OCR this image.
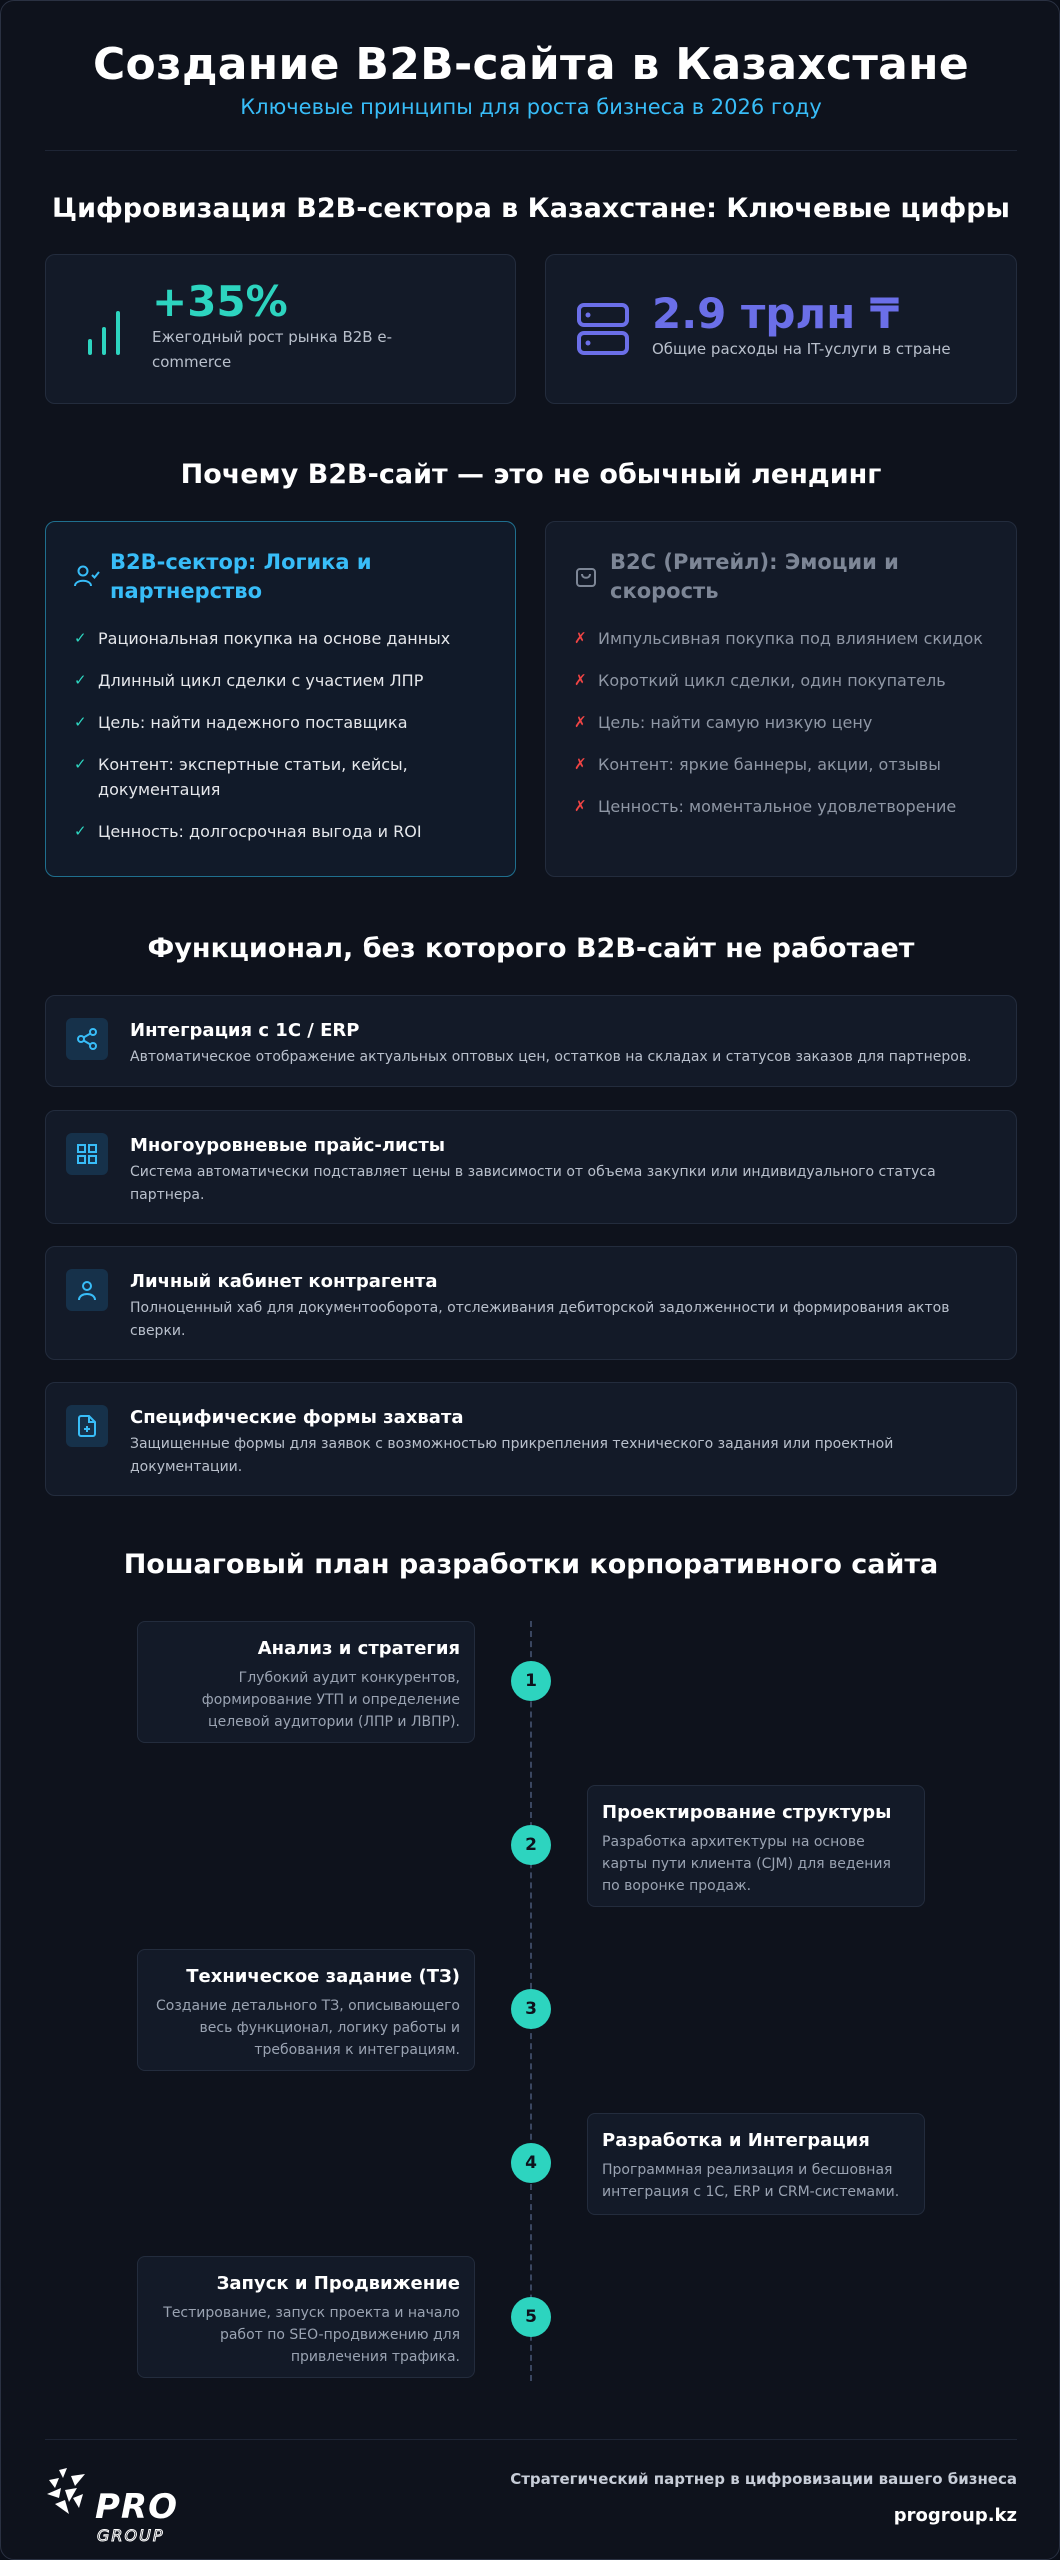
Создание B2B-сайта в Казахстане
Ключевые принципы для роста бизнеса в 2026 году
Цифровизация B2B-сектора в Казахстане: Ключевые цифры
+35%
Ежегодный рост рынка B2B e-commerce
2.9 трлн ₸
Общие расходы на IT-услуги в стране
Почему B2B-сайт — это не обычный лендинг
B2B-сектор: Логика и партнерство
✓ Рациональная покупка на основе данных
✓ Длинный цикл сделки с участием ЛПР
✓ Цель: найти надежного поставщика
✓ Контент: экспертные статьи, кейсы, документация
✓ Ценность: долгосрочная выгода и ROI
B2C (Ритейл): Эмоции и скорость
✗ Импульсивная покупка под влиянием скидок
✗ Короткий цикл сделки, один покупатель
✗ Цель: найти самую низкую цену
✗ Контент: яркие баннеры, акции, отзывы
✗ Ценность: моментальное удовлетворение
Функционал, без которого B2B-сайт не работает
Интеграция с 1С / ERP
Автоматическое отображение актуальных оптовых цен, остатков на складах и статусов заказов для партнеров.
Многоуровневые прайс-листы
Система автоматически подставляет цены в зависимости от объема закупки или индивидуального статуса партнера.
Личный кабинет контрагента
Полноценный хаб для документооборота, отслеживания дебиторской задолженности и формирования актов сверки.
Специфические формы захвата
Защищенные формы для заявок с возможностью прикрепления технического задания или проектной документации.
Пошаговый план разработки корпоративного сайта
Анализ и стратегия
Глубокий аудит конкурентов, формирование УТП и определение целевой аудитории (ЛПР и ЛВПР).
1
Проектирование структуры
Разработка архитектуры на основе карты пути клиента (CJM) для ведения по воронке продаж.
2
Техническое задание (ТЗ)
Создание детального ТЗ, описывающего весь функционал, логику работы и требования к интеграциям.
3
Разработка и Интеграция
Программная реализация и бесшовная интеграция с 1С, ERP и CRM-системами.
4
Запуск и Продвижение
Тестирование, запуск проекта и начало работ по SEO-продвижению для привлечения трафика.
5
PRO
GROUP
Стратегический партнер в цифровизации вашего бизнеса
progroup.kz
